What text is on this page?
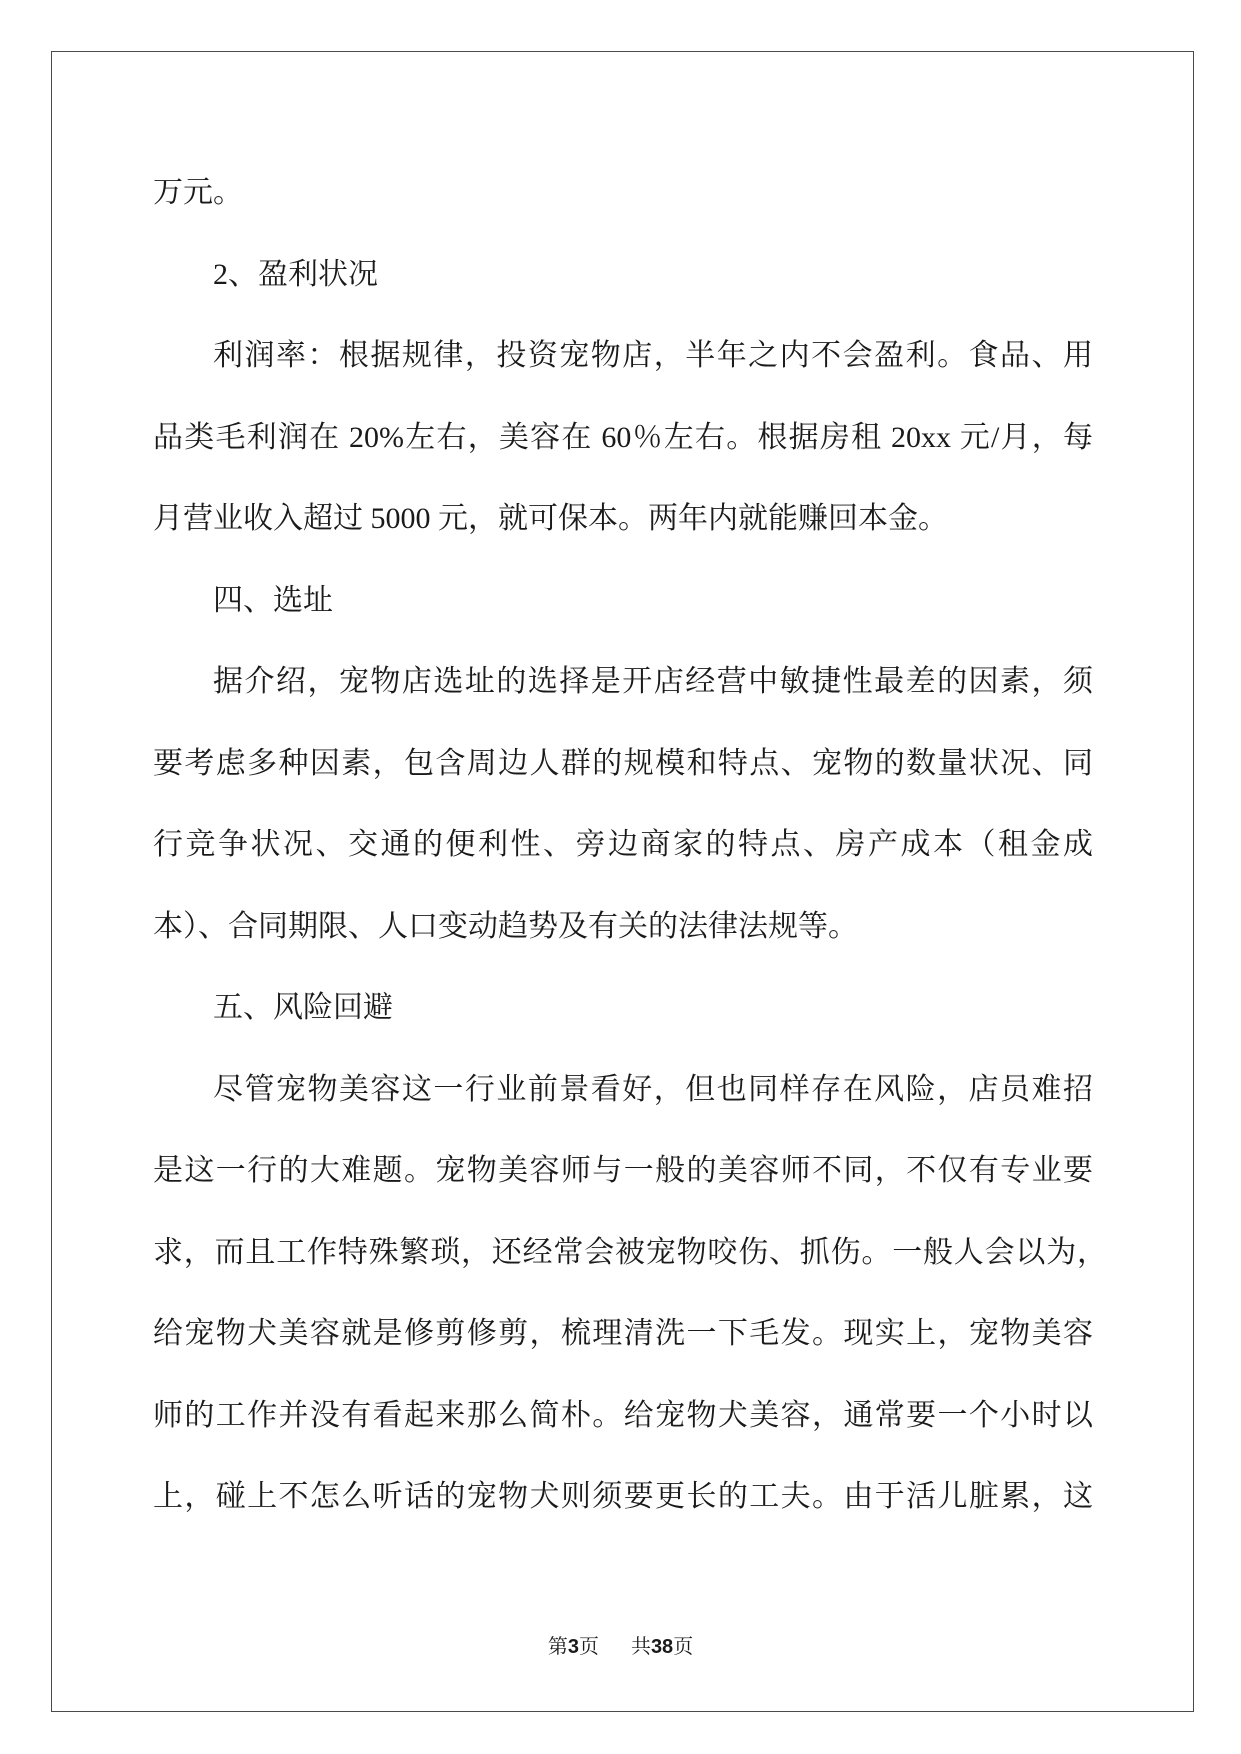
万元。
2、盈利状况
利润率：根据规律，投资宠物店，半年之内不会盈利。食品、用
品类毛利润在 20%左右，美容在 60％左右。根据房租 20xx 元/月，每
月营业收入超过 5000 元，就可保本。两年内就能赚回本金。
四、选址
据介绍，宠物店选址的选择是开店经营中敏捷性最差的因素，须
要考虑多种因素，包含周边人群的规模和特点、宠物的数量状况、同
行竞争状况、交通的便利性、旁边商家的特点、房产成本（租金成
本）、合同期限、人口变动趋势及有关的法律法规等。
五、风险回避
尽管宠物美容这一行业前景看好，但也同样存在风险，店员难招
是这一行的大难题。宠物美容师与一般的美容师不同，不仅有专业要
求，而且工作特殊繁琐，还经常会被宠物咬伤、抓伤。一般人会以为，
给宠物犬美容就是修剪修剪，梳理清洗一下毛发。现实上，宠物美容
师的工作并没有看起来那么简朴。给宠物犬美容，通常要一个小时以
上，碰上不怎么听话的宠物犬则须要更长的工夫。由于活儿脏累，这
第3页 共38页
